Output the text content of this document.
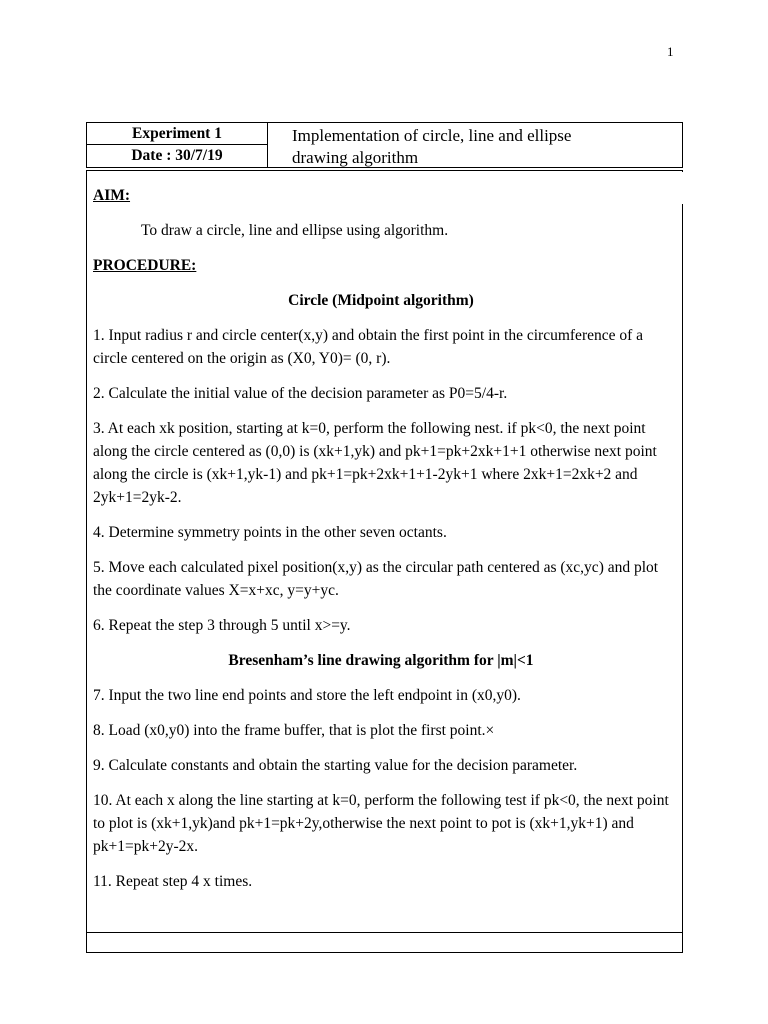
1
Experiment 1
Date : 30/7/19
Implementation of circle, line and ellipse
drawing algorithm
AIM:
To draw a circle, line and ellipse using algorithm.
PROCEDURE:
Circle (Midpoint algorithm)
1. Input radius r and circle center(x,y) and obtain the first point in the circumference of a circle centered on the origin as (X0, Y0)= (0, r).
2. Calculate the initial value of the decision parameter as P0=5/4-r.
3. At each xk position, starting at k=0, perform the following nest. if pk<0, the next point along the circle centered as (0,0) is (xk+1,yk) and pk+1=pk+2xk+1+1 otherwise next point along the circle is (xk+1,yk-1) and pk+1=pk+2xk+1+1-2yk+1 where 2xk+1=2xk+2 and 2yk+1=2yk-2.
4. Determine symmetry points in the other seven octants.
5. Move each calculated pixel position(x,y) as the circular path centered as (xc,yc) and plot the coordinate values X=x+xc, y=y+yc.
6. Repeat the step 3 through 5 until x>=y.
Bresenham’s line drawing algorithm for |m|<1
7. Input the two line end points and store the left endpoint in (x0,y0).
8. Load (x0,y0) into the frame buffer, that is plot the first point.×
9. Calculate constants and obtain the starting value for the decision parameter.
10. At each x along the line starting at k=0, perform the following test if pk<0, the next point to plot is (xk+1,yk)and pk+1=pk+2y,otherwise the next point to pot is (xk+1,yk+1) and pk+1=pk+2y-2x.
11. Repeat step 4 x times.
